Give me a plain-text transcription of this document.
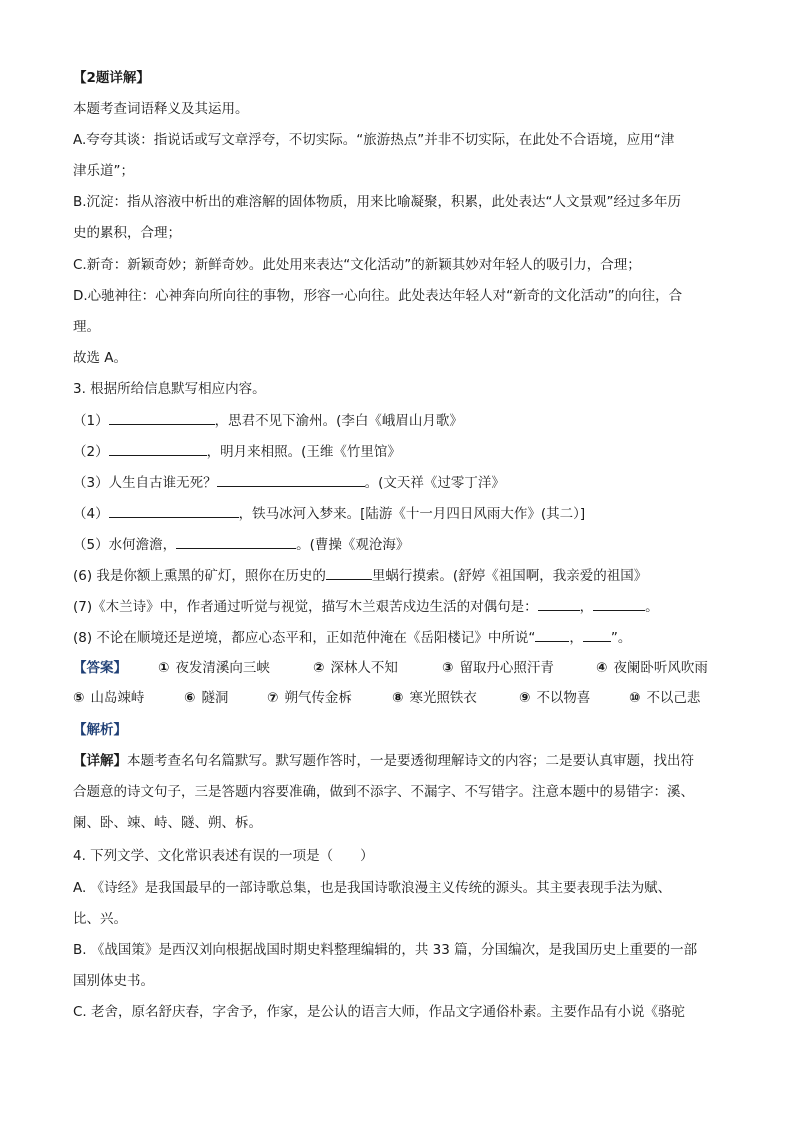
【2题详解】
本题考查词语释义及其运用。
A.夸夸其谈：指说话或写文章浮夸，不切实际。“旅游热点”并非不切实际，在此处不合语境，应用“津
津乐道”；
B.沉淀：指从溶液中析出的难溶解的固体物质，用来比喻凝聚，积累，此处表达“人文景观”经过多年历
史的累积，合理；
C.新奇：新颖奇妙；新鲜奇妙。此处用来表达“文化活动”的新颖其妙对年轻人的吸引力，合理；
D.心驰神往：心神奔向所向往的事物，形容一心向往。此处表达年轻人对“新奇的文化活动”的向往，合
理。
故选 A。
3. 根据所给信息默写相应内容。
（1）	，思君不见下渝州。(李白《峨眉山月歌》
（2）	，明月来相照。(王维《竹里馆》
（3）人生自古谁无死？	。(文天祥《过零丁洋》
（4）	，铁马冰河入梦来。[陆游《十一月四日风雨大作》(其二）]
（5）水何澹澹，	。(曹操《观沧海》
(6) 我是你额上熏黑的矿灯，照你在历史的	里蜗行摸索。(舒婷《祖国啊，我亲爱的祖国》
(7)《木兰诗》中，作者通过听觉与视觉，描写木兰艰苦戍边生活的对偶句是：	，	。
(8) 不论在顺境还是逆境，都应心态平和，正如范仲淹在《岳阳楼记》中所说“	， ”。
【答案】 ① 夜发清溪向三峡	② 深林人不知	③ 留取丹心照汗青	④ 夜阑卧听风吹雨
⑤ 山岛竦峙	⑥ 隧洞	⑦ 朔气传金柝	⑧ 寒光照铁衣	⑨ 不以物喜	⑩ 不以己悲
【解析】
【详解】本题考查名句名篇默写。默写题作答时，一是要透彻理解诗文的内容；二是要认真审题，找出符
合题意的诗文句子，三是答题内容要准确，做到不添字、不漏字、不写错字。注意本题中的易错字：溪、
阑、卧、竦、峙、隧、朔、柝。
4. 下列文学、文化常识表述有误的一项是（　　）
A. 《诗经》是我国最早的一部诗歌总集，也是我国诗歌浪漫主义传统的源头。其主要表现手法为赋、
比、兴。
B. 《战国策》是西汉刘向根据战国时期史料整理编辑的，共 33 篇，分国编次，是我国历史上重要的一部
国别体史书。
C. 老舍，原名舒庆春，字舍予，作家，是公认的语言大师，作品文字通俗朴素。主要作品有小说《骆驼
